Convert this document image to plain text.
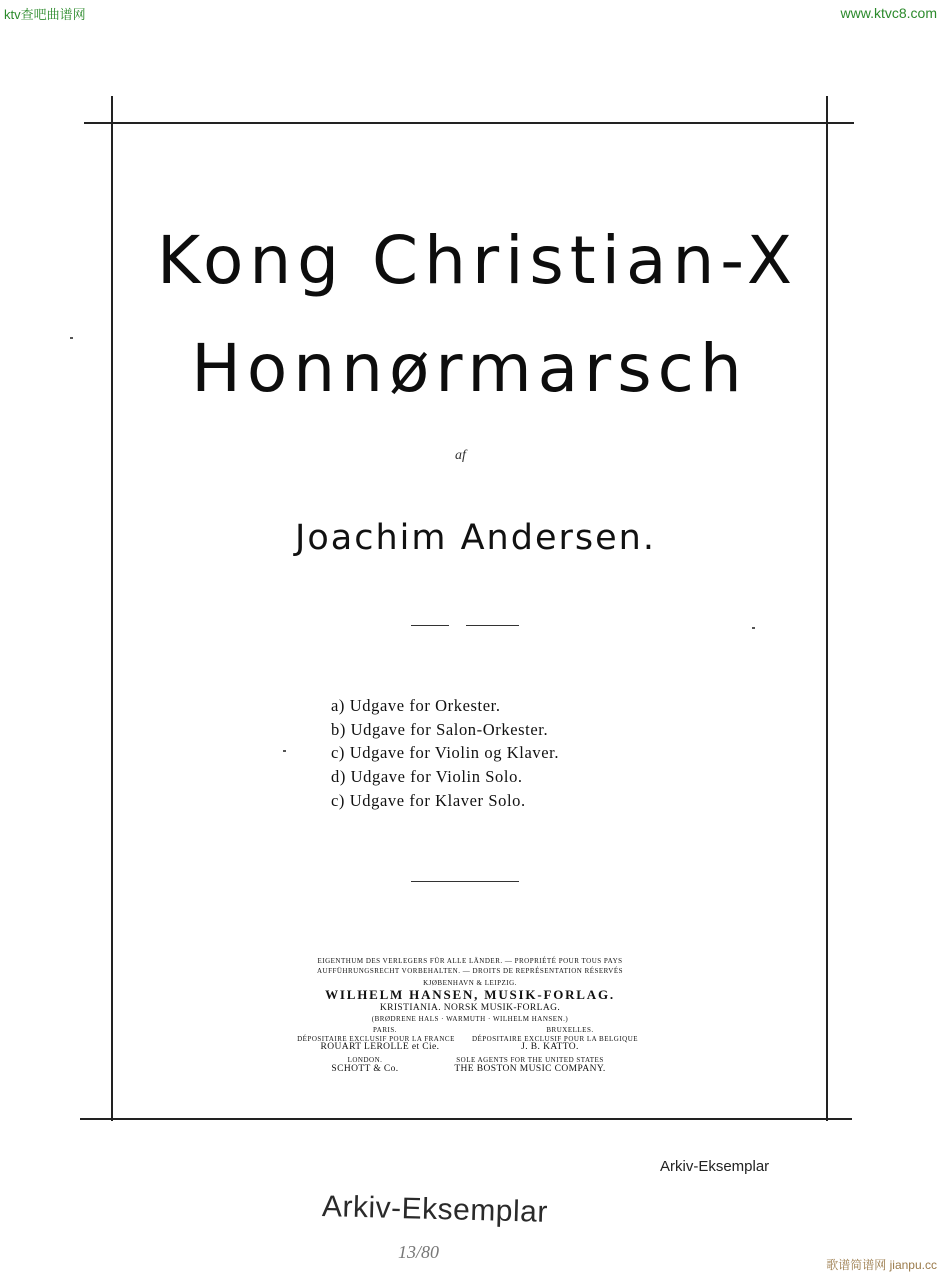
ktv查吧曲谱网	www.ktvc8.com
歌谱简谱网 jianpu.cc
Kong Christian-X
Honnørmarsch
af
Joachim Andersen.
a) Udgave for Orkester.
b) Udgave for Salon-Orkester.
c) Udgave for Violin og Klaver.
d) Udgave for Violin Solo.
c) Udgave for Klaver Solo.
EIGENTHUM DES VERLEGERS FÜR ALLE LÄNDER. — PROPRIÉTÉ POUR TOUS PAYS
AUFFÜHRUNGSRECHT VORBEHALTEN. — DROITS DE REPRÉSENTATION RÉSERVÉS
KJØBENHAVN & LEIPZIG.
WILHELM HANSEN, MUSIK-FORLAG.
KRISTIANIA. NORSK MUSIK-FORLAG.
(BRØDRENE HALS · WARMUTH · WILHELM HANSEN.)
PARIS.
DÉPOSITAIRE EXCLUSIF POUR LA FRANCE
ROUART LEROLLE et Cie.
BRUXELLES.
DÉPOSITAIRE EXCLUSIF POUR LA BELGIQUE
J. B. KATTO.
LONDON.
SCHOTT & Co.
SOLE AGENTS FOR THE UNITED STATES
THE BOSTON MUSIC COMPANY.
Arkiv-Eksemplar
Arkiv-Eksemplar
13/80
